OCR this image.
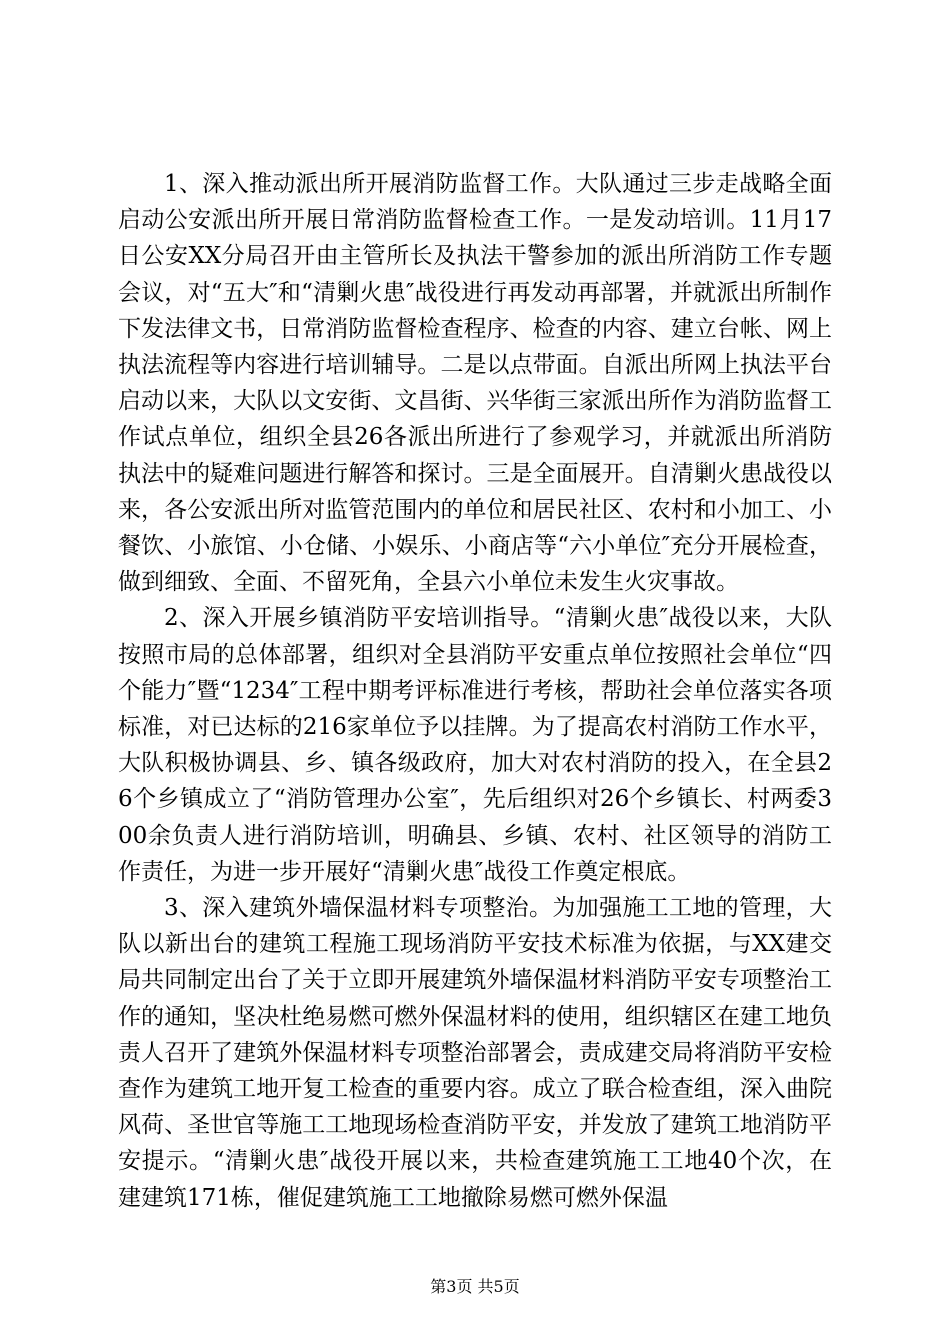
1、深入推动派出所开展消防监督工作。大队通过三步走战略全面启动公安派出所开展日常消防监督检查工作。一是发动培训。11月17日公安XX分局召开由主管所长及执法干警参加的派出所消防工作专题会议，对“五大″和“清剿火患″战役进行再发动再部署，并就派出所制作下发法律文书，日常消防监督检查程序、检查的内容、建立台帐、网上执法流程等内容进行培训辅导。二是以点带面。自派出所网上执法平台启动以来，大队以文安街、文昌街、兴华街三家派出所作为消防监督工作试点单位，组织全县26各派出所进行了参观学习，并就派出所消防执法中的疑难问题进行解答和探讨。三是全面展开。自清剿火患战役以来，各公安派出所对监管范围内的单位和居民社区、农村和小加工、小餐饮、小旅馆、小仓储、小娱乐、小商店等“六小单位″充分开展检查，做到细致、全面、不留死角，全县六小单位未发生火灾事故。

2、深入开展乡镇消防平安培训指导。“清剿火患″战役以来，大队按照市局的总体部署，组织对全县消防平安重点单位按照社会单位“四个能力″暨“1234″工程中期考评标准进行考核，帮助社会单位落实各项标准，对已达标的216家单位予以挂牌。为了提高农村消防工作水平，大队积极协调县、乡、镇各级政府，加大对农村消防的投入，在全县26个乡镇成立了“消防管理办公室″，先后组织对26个乡镇长、村两委300余负责人进行消防培训，明确县、乡镇、农村、社区领导的消防工作责任，为进一步开展好“清剿火患″战役工作奠定根底。

3、深入建筑外墙保温材料专项整治。为加强施工工地的管理，大队以新出台的建筑工程施工现场消防平安技术标准为依据，与XX建交局共同制定出台了关于立即开展建筑外墙保温材料消防平安专项整治工作的通知，坚决杜绝易燃可燃外保温材料的使用，组织辖区在建工地负责人召开了建筑外保温材料专项整治部署会，责成建交局将消防平安检查作为建筑工地开复工检查的重要内容。成立了联合检查组，深入曲院风荷、圣世官等施工工地现场检查消防平安，并发放了建筑工地消防平安提示。“清剿火患″战役开展以来，共检查建筑施工工地40个次，在建建筑171栋，催促建筑施工工地撤除易燃可燃外保温

第3页 共5页
